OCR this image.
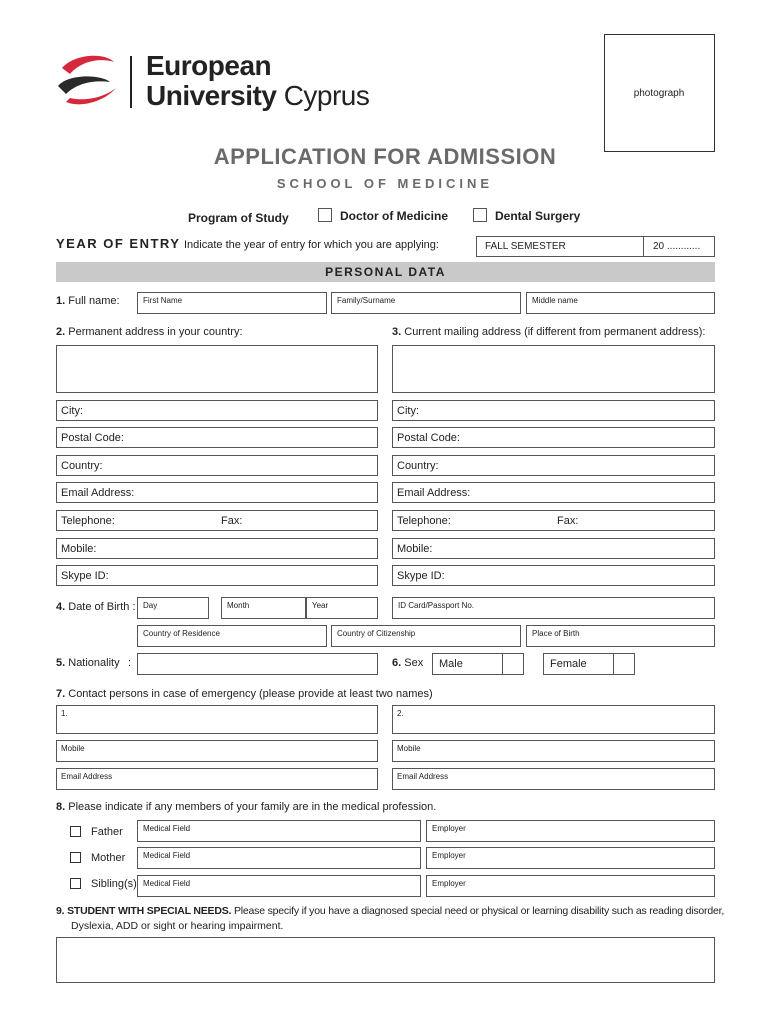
European
University Cyprus	photograph
APPLICATION FOR ADMISSION
SCHOOL OF MEDICINE
Program of Study	Doctor of Medicine	Dental Surgery
YEAR OF ENTRY Indicate the year of entry for which you are applying:	FALL SEMESTER	20 ............
PERSONAL DATA
1. Full name:	First Name	Family/Surname	Middle name
2. Permanent address in your country:	3. Current mailing address (if different from permanent address):
City:
Postal Code:
Country:
Email Address:
Telephone:	Fax:
Mobile:
Skype ID:
City:
Postal Code:
Country:
Email Address:
Telephone:	Fax:
Mobile:
Skype ID:
4. Date of Birth : Day	Month	Year	ID Card/Passport No.
Country of Residence	Country of Citizenship	Place of Birth
5. Nationality :	6. Sex Male	Female
7. Contact persons in case of emergency (please provide at least two names)
1.	2.
Mobile	Mobile
Email Address	Email Address
8. Please indicate if any members of your family are in the medical profession.
Father	Medical Field	Employer
Mother Medical Field	Employer
Sibling(s) Medical Field	Employer
9. STUDENT WITH SPECIAL NEEDS. Please specify if you have a diagnosed special need or physical or learning disability such as reading disorder,
Dyslexia, ADD or sight or hearing impairment.
